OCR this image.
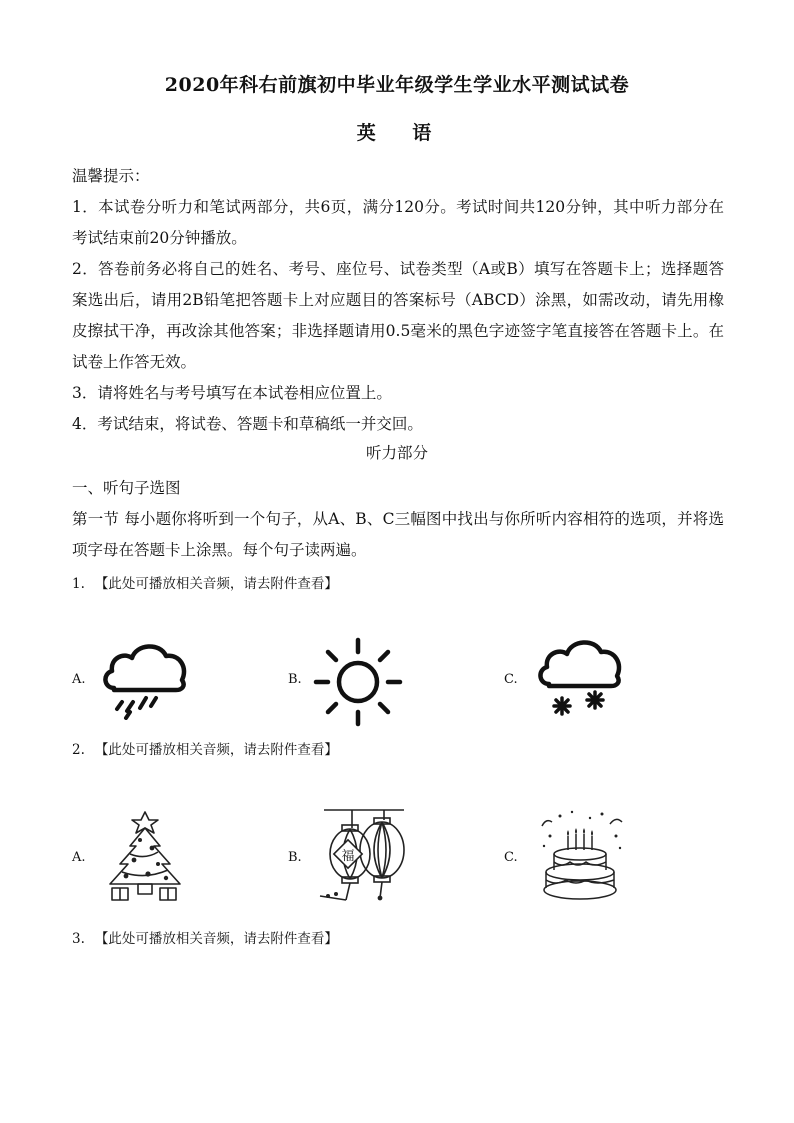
2020年科右前旗初中毕业年级学生学业水平测试试卷
英 语
温馨提示：

1．本试卷分听力和笔试两部分，共6页，满分120分。考试时间共120分钟，其中听力部分在考试结束前20分钟播放。

2．答卷前务必将自己的姓名、考号、座位号、试卷类型（A或B）填写在答题卡上；选择题答案选出后，请用2B铅笔把答题卡上对应题目的答案标号（ABCD）涂黑，如需改动，请先用橡皮擦拭干净，再改涂其他答案；非选择题请用0.5毫米的黑色字迹签字笔直接答在答题卡上。在试卷上作答无效。

3．请将姓名与考号填写在本试卷相应位置上。

4．考试结束，将试卷、答题卡和草稿纸一并交回。

听力部分
一、听句子选图

第一节 每小题你将听到一个句子，从A、B、C三幅图中找出与你所听内容相符的选项，并将选项字母在答题卡上涂黑。每个句子读两遍。

1. 【此处可播放相关音频，请去附件查看】
A.	B.	C.
2. 【此处可播放相关音频，请去附件查看】
A.	B.	福	C.
3. 【此处可播放相关音频，请去附件查看】
